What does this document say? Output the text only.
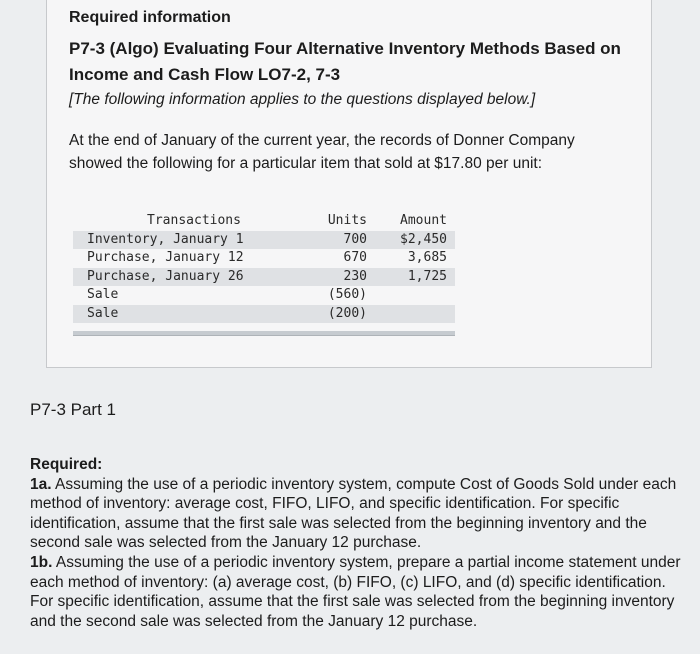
Required information
P7-3 (Algo) Evaluating Four Alternative Inventory Methods Based on Income and Cash Flow LO7-2, 7-3
[The following information applies to the questions displayed below.]
At the end of January of the current year, the records of Donner Company showed the following for a particular item that sold at $17.80 per unit:
Transactions	Units	Amount
Inventory, January 1	700	$2,450
Purchase, January 12	670	3,685
Purchase, January 26	230	1,725
Sale	(560)
Sale	(200)
P7-3 Part 1

Required:

1a. Assuming the use of a periodic inventory system, compute Cost of Goods Sold under each method of inventory: average cost, FIFO, LIFO, and specific identification. For specific identification, assume that the first sale was selected from the beginning inventory and the second sale was selected from the January 12 purchase.

1b. Assuming the use of a periodic inventory system, prepare a partial income statement under each method of inventory: (a) average cost, (b) FIFO, (c) LIFO, and (d) specific identification. For specific identification, assume that the first sale was selected from the beginning inventory and the second sale was selected from the January 12 purchase.
